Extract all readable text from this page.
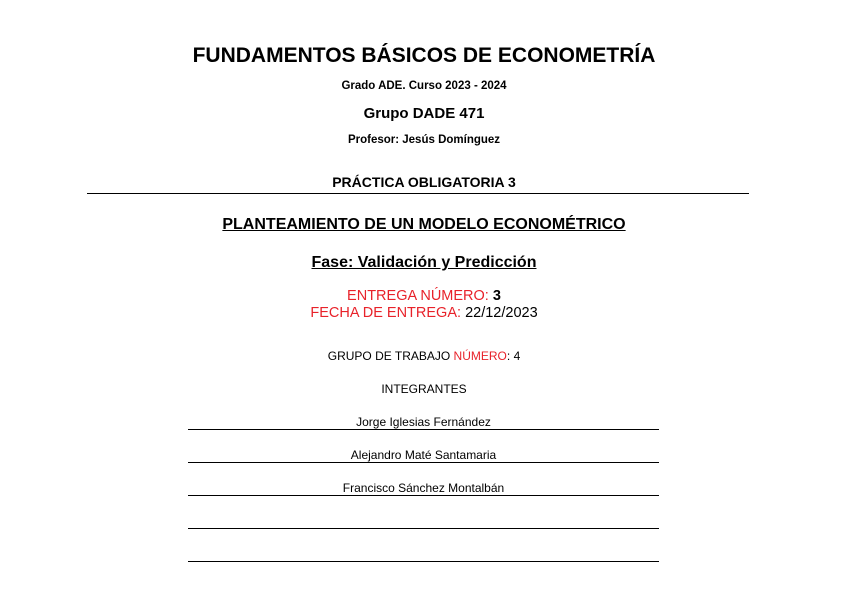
FUNDAMENTOS BÁSICOS DE ECONOMETRÍA
Grado ADE. Curso 2023 - 2024
Grupo DADE 471
Profesor: Jesús Domínguez
PRÁCTICA OBLIGATORIA 3
PLANTEAMIENTO DE UN MODELO ECONOMÉTRICO
Fase: Validación y Predicción
ENTREGA NÚMERO: 3
FECHA DE ENTREGA: 22/12/2023
GRUPO DE TRABAJO NÚMERO: 4
INTEGRANTES
Jorge Iglesias Fernández
Alejandro Maté Santamaria
Francisco Sánchez Montalbán
